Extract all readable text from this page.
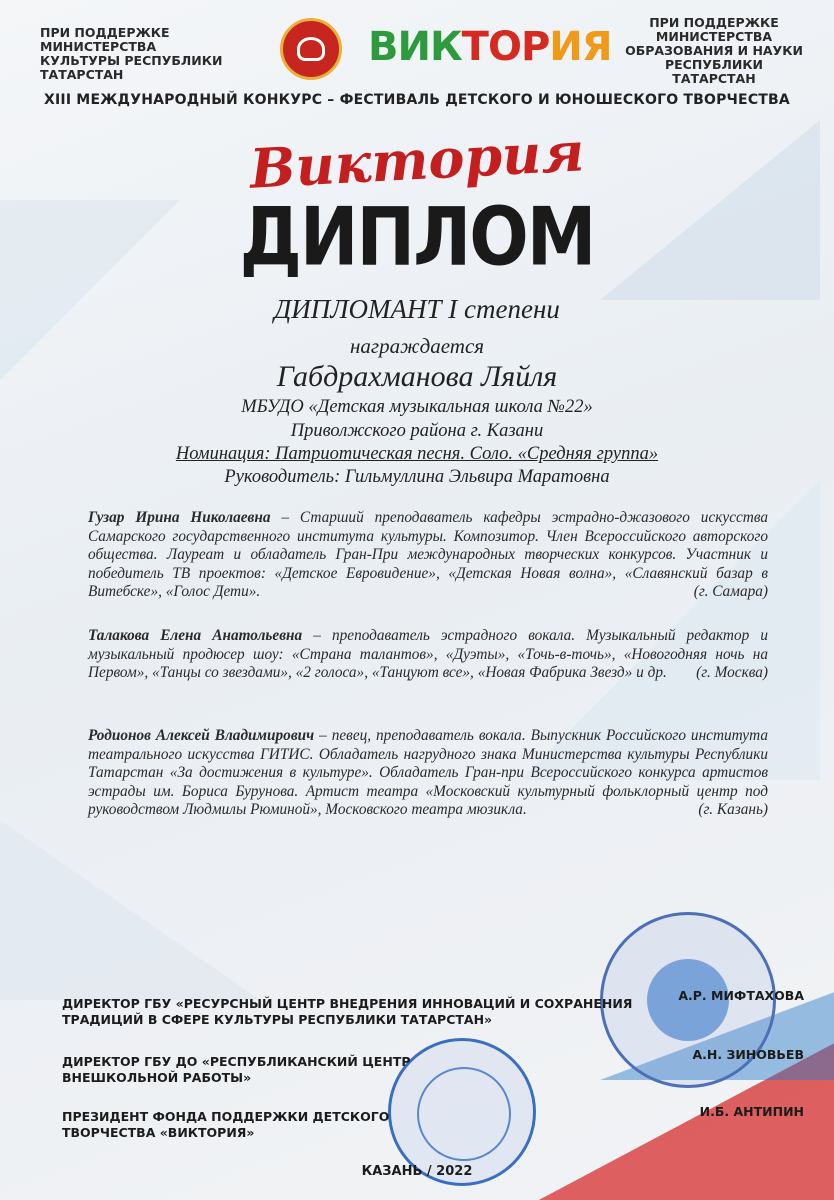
ПРИ ПОДДЕРЖКЕ МИНИСТЕРСТВА КУЛЬТУРЫ РЕСПУБЛИКИ ТАТАРСТАН
ВИКТОРИЯ
ПРИ ПОДДЕРЖКЕ МИНИСТЕРСТВА ОБРАЗОВАНИЯ И НАУКИ РЕСПУБЛИКИ ТАТАРСТАН
XIII МЕЖДУНАРОДНЫЙ КОНКУРС – ФЕСТИВАЛЬ ДЕТСКОГО И ЮНОШЕСКОГО ТВОРЧЕСТВА
Виктория
ДИПЛОМ
ДИПЛОМАНТ I степени
награждается
Габдрахманова Ляйля
МБУДО «Детская музыкальная школа №22»
Приволжского района г. Казани
Номинация: Патриотическая песня. Соло. «Средняя группа»
Руководитель: Гильмуллина Эльвира Маратовна
Гузар Ирина Николаевна – Старший преподаватель кафедры эстрадно-джазового искусства Самарского государственного института культуры. Композитор. Член Всероссийского авторского общества. Лауреат и обладатель Гран-При международных творческих конкурсов. Участник и победитель ТВ проектов: «Детское Евровидение», «Детская Новая волна», «Славянский базар в Витебске», «Голос Дети».	(г. Самара)
Талакова Елена Анатольевна – преподаватель эстрадного вокала. Музыкальный редактор и музыкальный продюсер шоу: «Страна талантов», «Дуэты», «Точь-в-точь», «Новогодняя ночь на Первом», «Танцы со звездами», «2 голоса», «Танцуют все», «Новая Фабрика Звезд» и др. (г. Москва)
Родионов Алексей Владимирович – певец, преподаватель вокала. Выпускник Российского института театрального искусства ГИТИС. Обладатель нагрудного знака Министерства культуры Республики Татарстан «За достижения в культуре». Обладатель Гран-при Всероссийского конкурса артистов эстрады им. Бориса Бурунова. Артист театра «Московский культурный фольклорный центр под руководством Людмилы Рюминой», Московского театра мюзикла.	(г. Казань)
ДИРЕКТОР ГБУ «РЕСУРСНЫЙ ЦЕНТР ВНЕДРЕНИЯ ИННОВАЦИЙ И СОХРАНЕНИЯ ТРАДИЦИЙ В СФЕРЕ КУЛЬТУРЫ РЕСПУБЛИКИ ТАТАРСТАН»
А.Р. МИФТАХОВА
ДИРЕКТОР ГБУ ДО «РЕСПУБЛИКАНСКИЙ ЦЕНТР ВНЕШКОЛЬНОЙ РАБОТЫ»
А.Н. ЗИНОВЬЕВ
ПРЕЗИДЕНТ ФОНДА ПОДДЕРЖКИ ДЕТСКОГО ТВОРЧЕСТВА «ВИКТОРИЯ»
И.Б. АНТИПИН
КАЗАНЬ / 2022
